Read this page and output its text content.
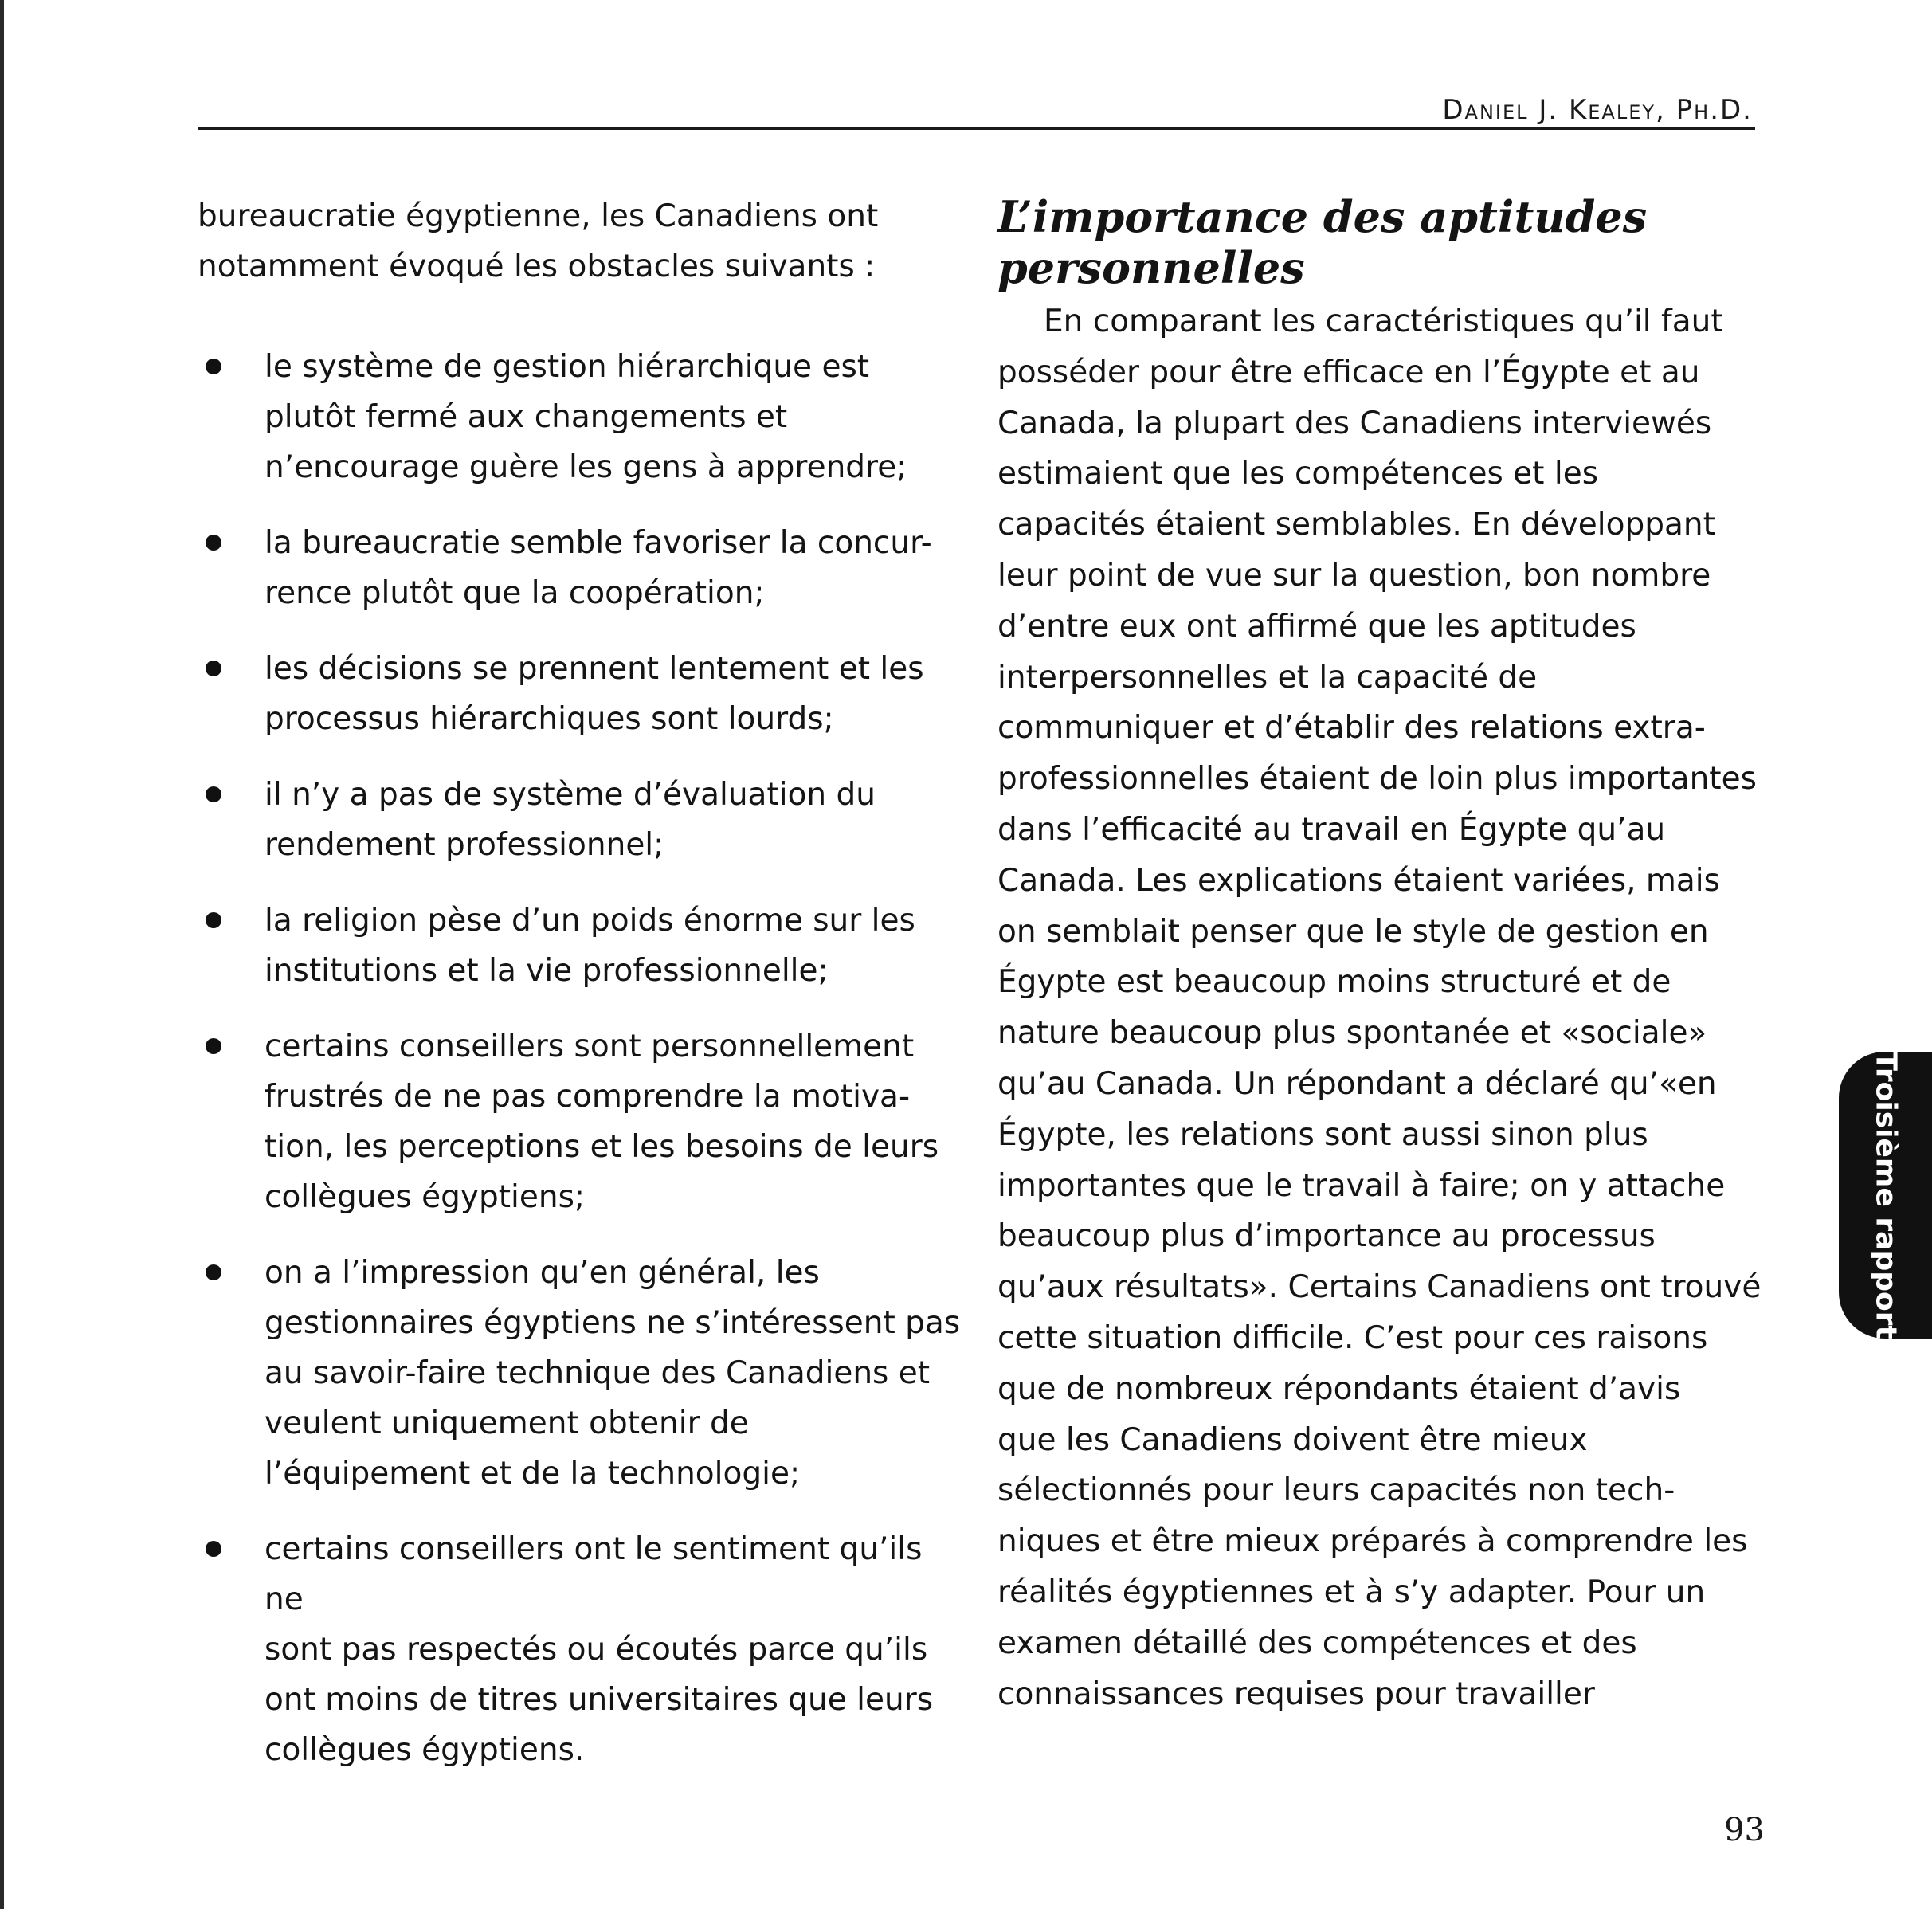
Daniel J. Kealey, Ph.D.

bureaucratie égyptienne, les Canadiens ont
notamment évoqué les obstacles suivants :

le système de gestion hiérarchique est
plutôt fermé aux changements et
n’encourage guère les gens à apprendre;
la bureaucratie semble favoriser la concur-
rence plutôt que la coopération;
les décisions se prennent lentement et les
processus hiérarchiques sont lourds;
il n’y a pas de système d’évaluation du
rendement professionnel;
la religion pèse d’un poids énorme sur les
institutions et la vie professionnelle;
certains conseillers sont personnellement
frustrés de ne pas comprendre la motiva-
tion, les perceptions et les besoins de leurs
collègues égyptiens;
on a l’impression qu’en général, les
gestionnaires égyptiens ne s’intéressent pas
au savoir-faire technique des Canadiens et
veulent uniquement obtenir de
l’équipement et de la technologie;
certains conseillers ont le sentiment qu’ils ne
sont pas respectés ou écoutés parce qu’ils
ont moins de titres universitaires que leurs
collègues égyptiens.
L’importance des aptitudes
personnelles

En comparant les caractéristiques qu’il faut
posséder pour être efficace en l’Égypte et au
Canada, la plupart des Canadiens interviewés
estimaient que les compétences et les
capacités étaient semblables. En développant
leur point de vue sur la question, bon nombre
d’entre eux ont affirmé que les aptitudes
interpersonnelles et la capacité de
communiquer et d’établir des relations extra-
professionnelles étaient de loin plus importantes
dans l’efficacité au travail en Égypte qu’au
Canada. Les explications étaient variées, mais
on semblait penser que le style de gestion en
Égypte est beaucoup moins structuré et de
nature beaucoup plus spontanée et «sociale»
qu’au Canada. Un répondant a déclaré qu’«en
Égypte, les relations sont aussi sinon plus
importantes que le travail à faire; on y attache
beaucoup plus d’importance au processus
qu’aux résultats». Certains Canadiens ont trouvé
cette situation difficile. C’est pour ces raisons
que de nombreux répondants étaient d’avis
que les Canadiens doivent être mieux
sélectionnés pour leurs capacités non tech-
niques et être mieux préparés à comprendre les
réalités égyptiennes et à s’y adapter. Pour un
examen détaillé des compétences et des
connaissances requises pour travailler

Troisième rapport
93
